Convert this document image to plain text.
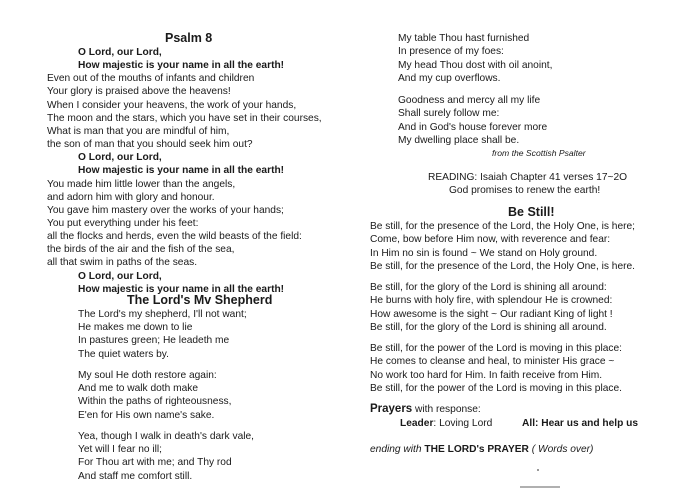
Psalm 8
O Lord, our Lord,
How majestic is your name in all the earth!
Even out of the mouths of infants and children
Your glory is praised above the heavens!
When I consider your heavens, the work of your hands,
The moon and the stars, which you have set in their courses,
What is man that you are mindful of him,
the son of man that you should seek him out?
O Lord, our Lord,
How majestic is your name in all the earth!
You made him little lower than the angels,
and adorn him with glory and honour.
You gave him mastery over the works of your hands;
You put everything under his feet:
all the flocks and herds, even the wild beasts of the field:
the birds of the air and the fish of the sea,
all that swim in paths of the seas.
O Lord, our Lord,
How majestic is your name in all the earth!
The Lord's Mv Shepherd
The Lord's my shepherd, I'll not want;
He makes me down to lie
In pastures green; He leadeth me
The quiet waters by.
My soul He doth restore again:
And me to walk doth make
Within the paths of righteousness,
E'en for His own name's sake.
Yea, though I walk in death's dark vale,
Yet will I fear no ill;
For Thou art with me; and Thy rod
And staff me comfort still.
My table Thou hast furnished
In presence of my foes:
My head Thou dost with oil anoint,
And my cup overflows.
Goodness and mercy all my life
Shall surely follow me:
And in God's house forever more
My dwelling place shall be.
from the Scottish Psalter
READING: Isaiah Chapter 41 verses 17~2O
God promises to renew the earth!
Be Still!
Be still, for the presence of the Lord, the Holy One, is here;
Come, bow before Him now, with reverence and fear:
In Him no sin is found ~ We stand on Holy ground.
Be still, for the presence of the Lord, the Holy One, is here.
Be still, for the glory of the Lord is shining all around:
He burns with holy fire, with splendour He is crowned:
How awesome is the sight ~ Our radiant King of light !
Be still, for the glory of the Lord is shining all around.
Be still, for the power of the Lord is moving in this place:
He comes to cleanse and heal, to minister His grace ~
No work too hard for Him. In faith receive from Him.
Be still, for the power of the Lord is moving in this place.
Prayers with response:
Leader: Loving Lord	All: Hear us and help us
ending with THE LORD's PRAYER ( Words over)
